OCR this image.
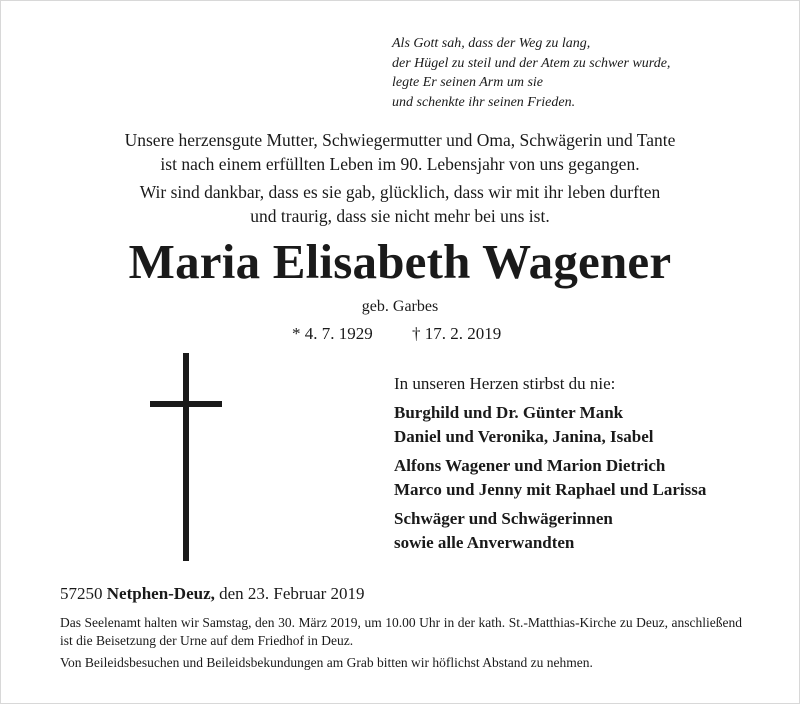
Als Gott sah, dass der Weg zu lang,
der Hügel zu steil und der Atem zu schwer wurde,
legte Er seinen Arm um sie
und schenkte ihr seinen Frieden.
Unsere herzensgute Mutter, Schwiegermutter und Oma, Schwägerin und Tante
ist nach einem erfüllten Leben im 90. Lebensjahr von uns gegangen.
Wir sind dankbar, dass es sie gab, glücklich, dass wir mit ihr leben durften
und traurig, dass sie nicht mehr bei uns ist.
Maria Elisabeth Wagener
geb. Garbes
* 4. 7. 1929 † 17. 2. 2019
In unseren Herzen stirbst du nie:
Burghild und Dr. Günter Mank
Daniel und Veronika, Janina, Isabel
Alfons Wagener und Marion Dietrich
Marco und Jenny mit Raphael und Larissa
Schwäger und Schwägerinnen
sowie alle Anverwandten
57250 Netphen-Deuz, den 23. Februar 2019
Das Seelenamt halten wir Samstag, den 30. März 2019, um 10.00 Uhr in der kath. St.-Matthias-Kirche zu Deuz, anschließend ist die Beisetzung der Urne auf dem Friedhof in Deuz.
Von Beileidsbesuchen und Beileidsbekundungen am Grab bitten wir höflichst Abstand zu nehmen.
